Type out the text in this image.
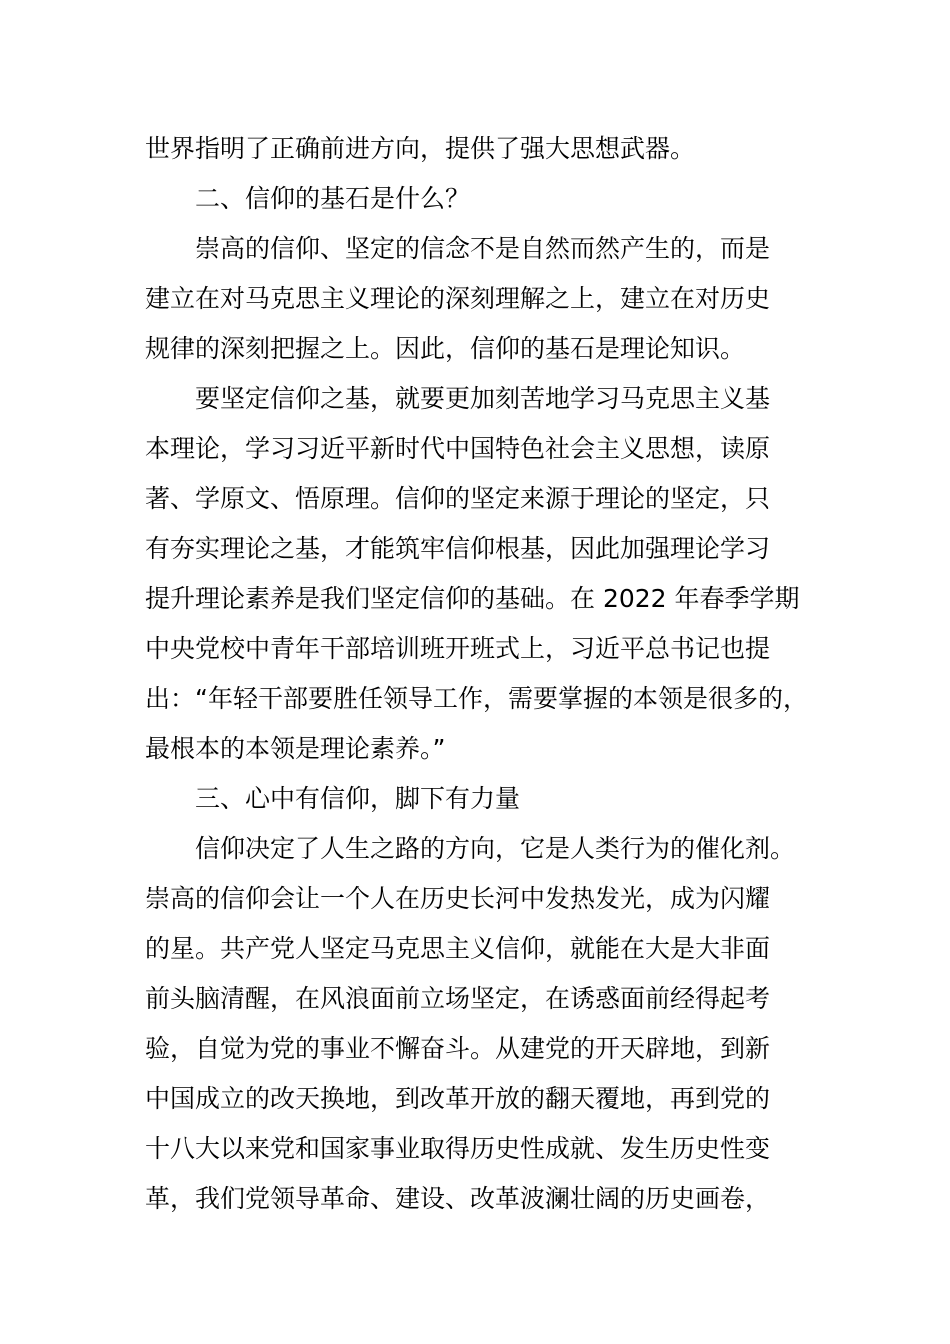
世界指明了正确前进方向，提供了强大思想武器。
二、信仰的基石是什么？
崇高的信仰、坚定的信念不是自然而然产生的，而是
建立在对马克思主义理论的深刻理解之上，建立在对历史
规律的深刻把握之上。因此，信仰的基石是理论知识。
要坚定信仰之基，就要更加刻苦地学习马克思主义基
本理论，学习习近平新时代中国特色社会主义思想，读原
著、学原文、悟原理。信仰的坚定来源于理论的坚定，只
有夯实理论之基，才能筑牢信仰根基，因此加强理论学习
提升理论素养是我们坚定信仰的基础。在 2022 年春季学期
中央党校中青年干部培训班开班式上，习近平总书记也提
出：“年轻干部要胜任领导工作，需要掌握的本领是很多的，
最根本的本领是理论素养。”
三、心中有信仰，脚下有力量
信仰决定了人生之路的方向，它是人类行为的催化剂。
崇高的信仰会让一个人在历史长河中发热发光，成为闪耀
的星。共产党人坚定马克思主义信仰，就能在大是大非面
前头脑清醒，在风浪面前立场坚定，在诱惑面前经得起考
验，自觉为党的事业不懈奋斗。从建党的开天辟地，到新
中国成立的改天换地，到改革开放的翻天覆地，再到党的
十八大以来党和国家事业取得历史性成就、发生历史性变
革，我们党领导革命、建设、改革波澜壮阔的历史画卷，
